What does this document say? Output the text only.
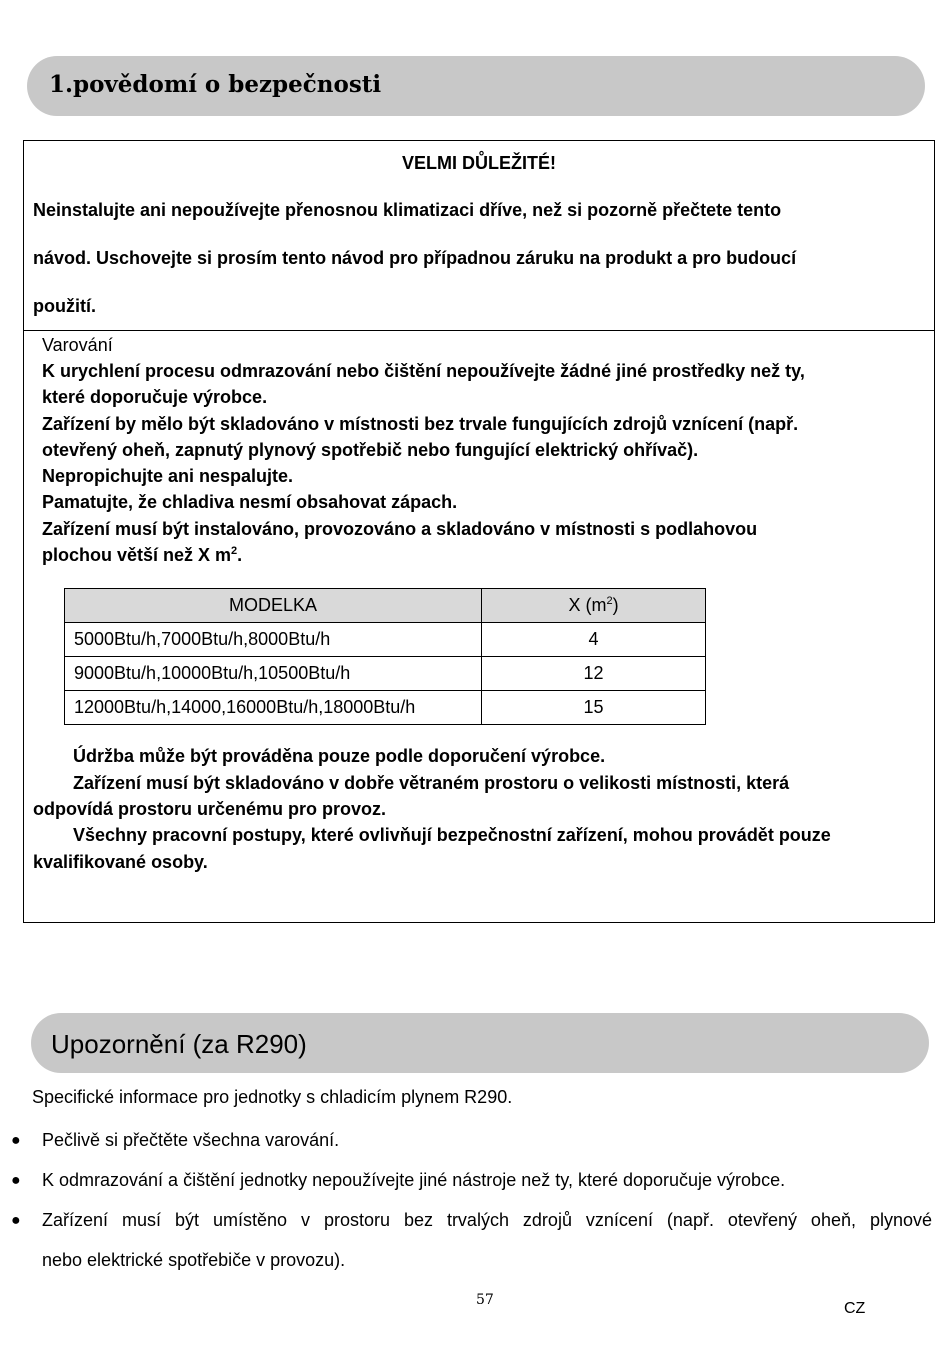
1.povědomí o bezpečnosti
VELMI DŮLEŽITÉ!
Neinstalujte ani nepoužívejte přenosnou klimatizaci dříve, než si pozorně přečtete tento
návod. Uschovejte si prosím tento návod pro případnou záruku na produkt a pro budoucí
použití.
Varování
K urychlení procesu odmrazování nebo čištění nepoužívejte žádné jiné prostředky než ty,
které doporučuje výrobce.
Zařízení by mělo být skladováno v místnosti bez trvale fungujících zdrojů vznícení (např.
otevřený oheň, zapnutý plynový spotřebič nebo fungující elektrický ohřívač).
Nepropichujte ani nespalujte.
Pamatujte, že chladiva nesmí obsahovat zápach.
Zařízení musí být instalováno, provozováno a skladováno v místnosti s podlahovou
plochou větší než X $m^2$.
MODELKA	X $(m^2)$
5000Btu/h,7000Btu/h,8000Btu/h	4
9000Btu/h,10000Btu/h,10500Btu/h	12
12000Btu/h,14000,16000Btu/h,18000Btu/h	15
Údržba může být prováděna pouze podle doporučení výrobce.
Zařízení musí být skladováno v dobře větraném prostoru o velikosti místnosti, která
odpovídá prostoru určenému pro provoz.
Všechny pracovní postupy, které ovlivňují bezpečnostní zařízení, mohou provádět pouze
kvalifikované osoby.
Upozornění (za R290)
Specifické informace pro jednotky s chladicím plynem R290.
● Pečlivě si přečtěte všechna varování.
● K odmrazování a čištění jednotky nepoužívejte jiné nástroje než ty, které doporučuje výrobce.
● Zařízení musí být umístěno v prostoru bez trvalých zdrojů vznícení (např. otevřený oheň, plynové
nebo elektrické spotřebiče v provozu).
57	CZ
